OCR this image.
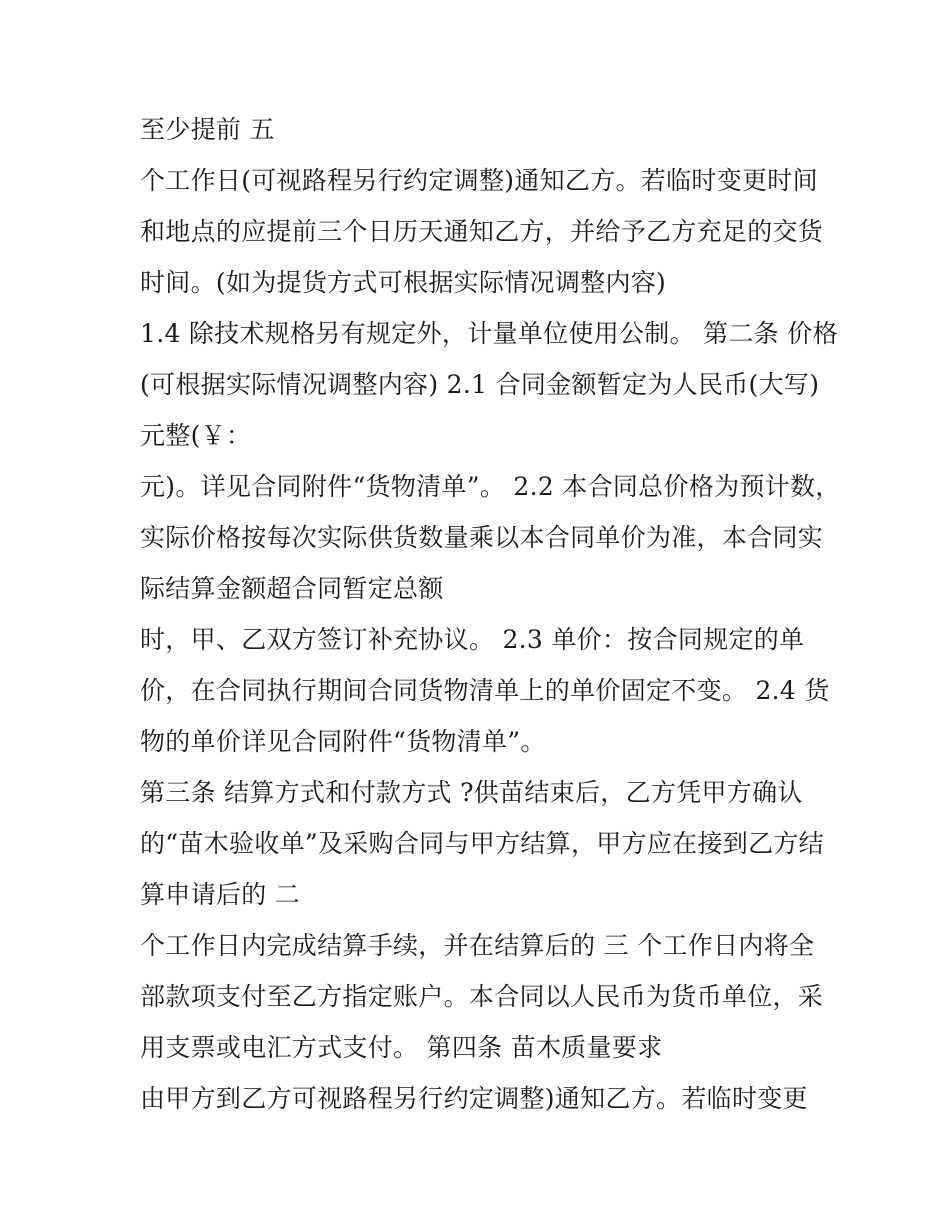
至少提前 五
个工作日(可视路程另行约定调整)通知乙方。若临时变更时间
和地点的应提前三个日历天通知乙方，并给予乙方充足的交货
时间。(如为提货方式可根据实际情况调整内容)
1.4 除技术规格另有规定外，计量单位使用公制。 第二条 价格
(可根据实际情况调整内容) 2.1 合同金额暂定为人民币(大写)
元整(￥：
元)。详见合同附件“货物清单”。 2.2 本合同总价格为预计数，
实际价格按每次实际供货数量乘以本合同单价为准，本合同实
际结算金额超合同暂定总额
时，甲、乙双方签订补充协议。 2.3 单价：按合同规定的单
价，在合同执行期间合同货物清单上的单价固定不变。 2.4 货
物的单价详见合同附件“货物清单”。
第三条 结算方式和付款方式 ?供苗结束后，乙方凭甲方确认
的“苗木验收单”及采购合同与甲方结算，甲方应在接到乙方结
算申请后的 二
个工作日内完成结算手续，并在结算后的 三 个工作日内将全
部款项支付至乙方指定账户。本合同以人民币为货币单位，采
用支票或电汇方式支付。 第四条 苗木质量要求
由甲方到乙方可视路程另行约定调整)通知乙方。若临时变更
